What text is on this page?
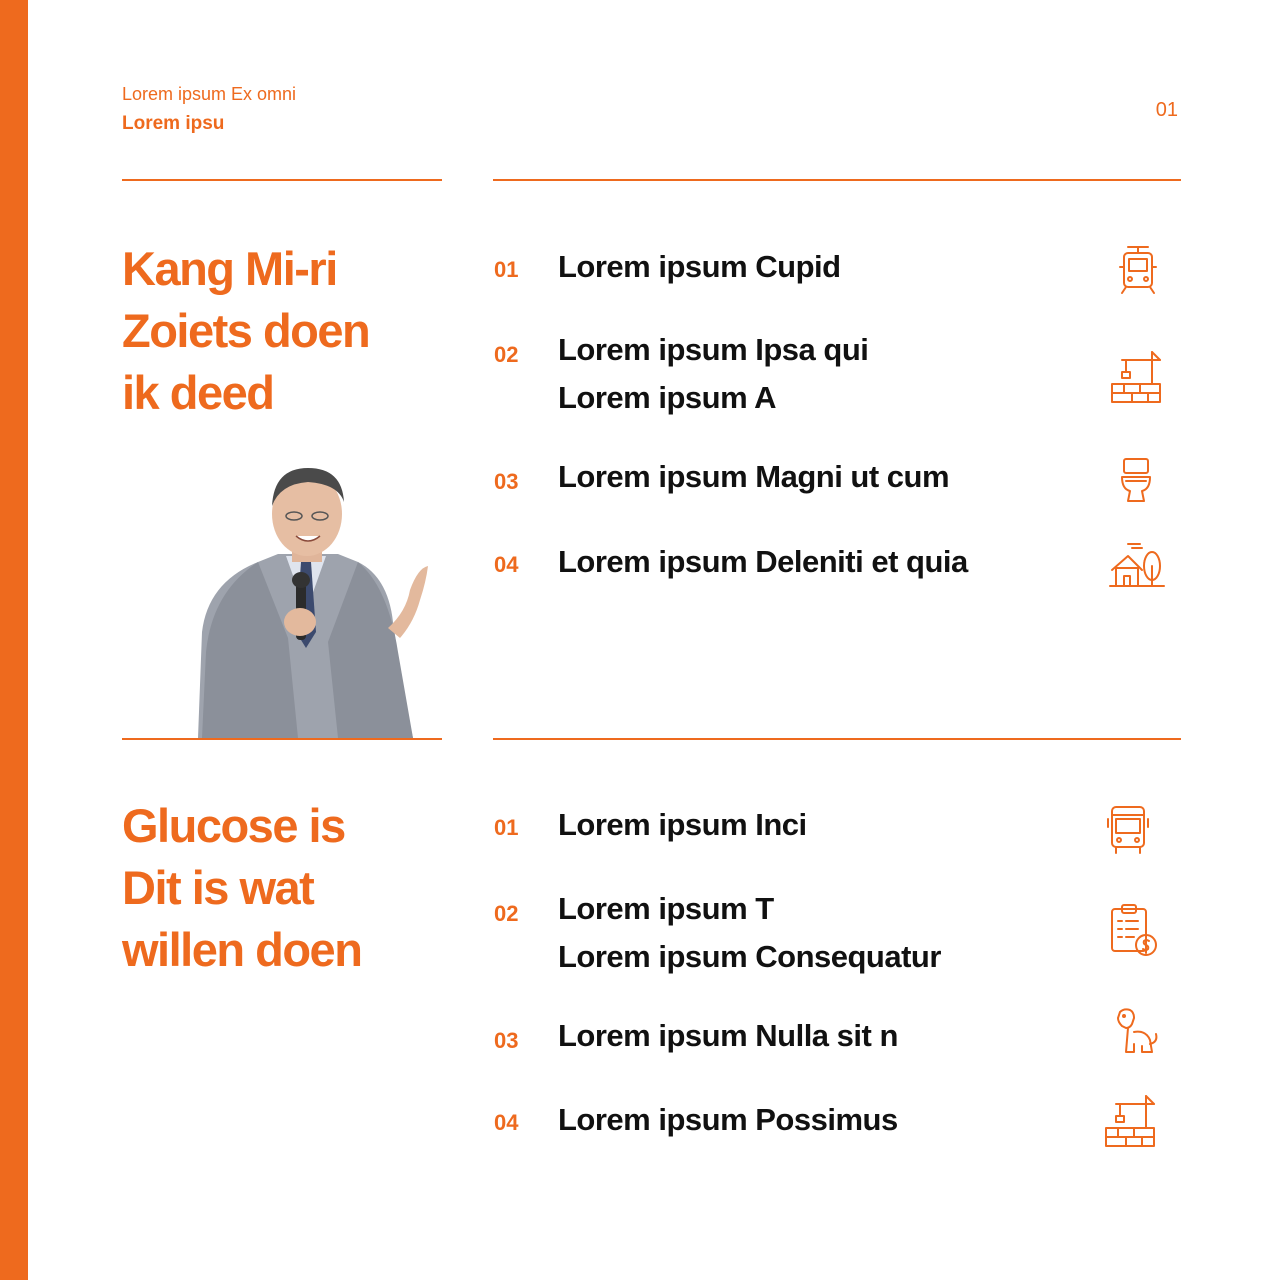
Lorem ipsum Ex omni
Lorem ipsu
01
Kang Mi-ri
Zoiets doen
ik deed
01 Lorem ipsum Cupid
02 Lorem ipsum Ipsa qui
Lorem ipsum A
03 Lorem ipsum Magni ut cum
04 Lorem ipsum Deleniti et quia
Glucose is
Dit is wat
willen doen
01 Lorem ipsum Inci
02 Lorem ipsum T
Lorem ipsum Consequatur
03 Lorem ipsum Nulla sit n
04 Lorem ipsum Possimus
